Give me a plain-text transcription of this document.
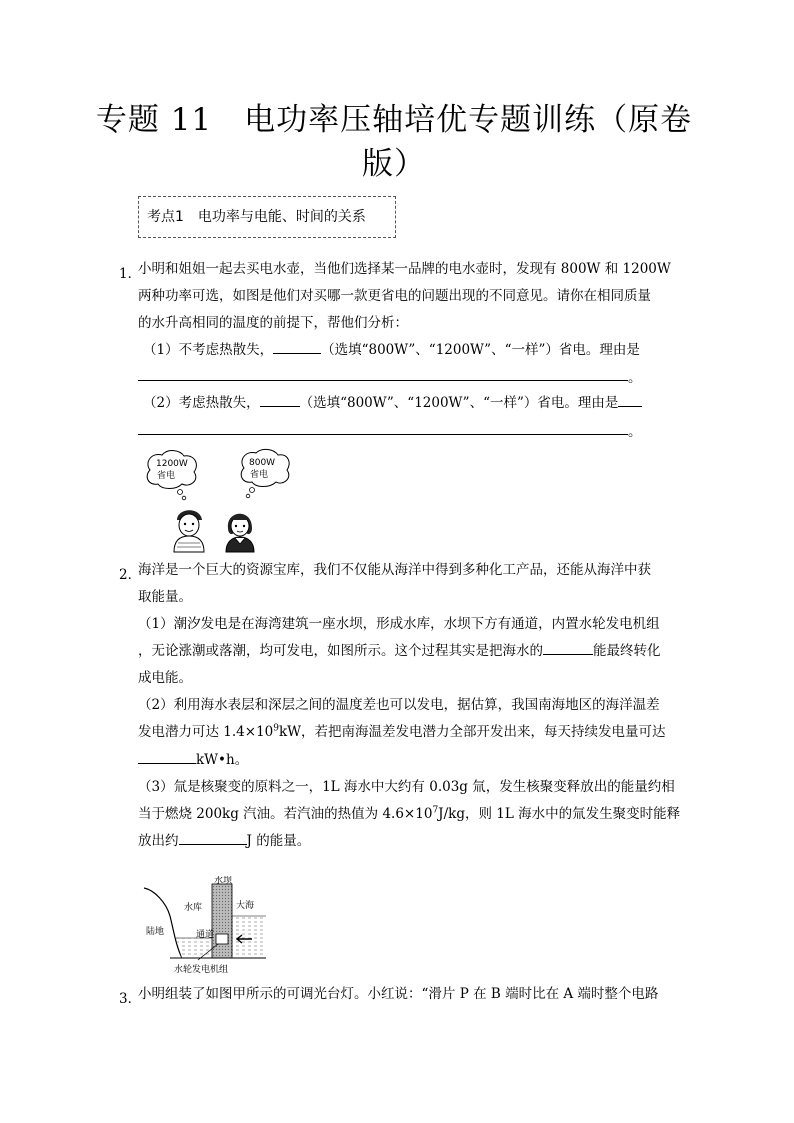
专题 11　电功率压轴培优专题训练（原卷
版）
考点1　电功率与电能、时间的关系
1．
小明和姐姐一起去买电水壶，当他们选择某一品牌的电水壶时，发现有 800W 和 1200W
两种功率可选，如图是他们对买哪一款更省电的问题出现的不同意见。请你在相同质量
的水升高相同的温度的前提下，帮他们分析：
（1）不考虑热散失，	（选填“800W”、“1200W”、“一样”）省电。理由是
。
（2）考虑热散失，	（选填“800W”、“1200W”、“一样”）省电。理由是
。
1200W
省电
800W
省电
2．
海洋是一个巨大的资源宝库，我们不仅能从海洋中得到多种化工产品，还能从海洋中获
取能量。
（1）潮汐发电是在海湾建筑一座水坝，形成水库，水坝下方有通道，内置水轮发电机组
，无论涨潮或落潮，均可发电，如图所示。这个过程其实是把海水的	能最终转化
成电能。
（2）利用海水表层和深层之间的温度差也可以发电，据估算，我国南海地区的海洋温差
发电潜力可达 $1.4\times 10^9kW$，若把南海温差发电潜力全部开发出来，每天持续发电量可达
kW•h。
（3）氚是核聚变的原料之一，1L 海水中大约有 0.03g 氚，发生核聚变释放出的能量约相
当于燃烧 200kg 汽油。若汽油的热值为 $4.6\times 10^7J/kg$，则 1L 海水中的氚发生聚变时能释
放出约	J 的能量。
水坝
水库	大海
陆地	通道
水轮发电机组
3．
小明组装了如图甲所示的可调光台灯。小红说：“滑片 P 在 B 端时比在 A 端时整个电路
